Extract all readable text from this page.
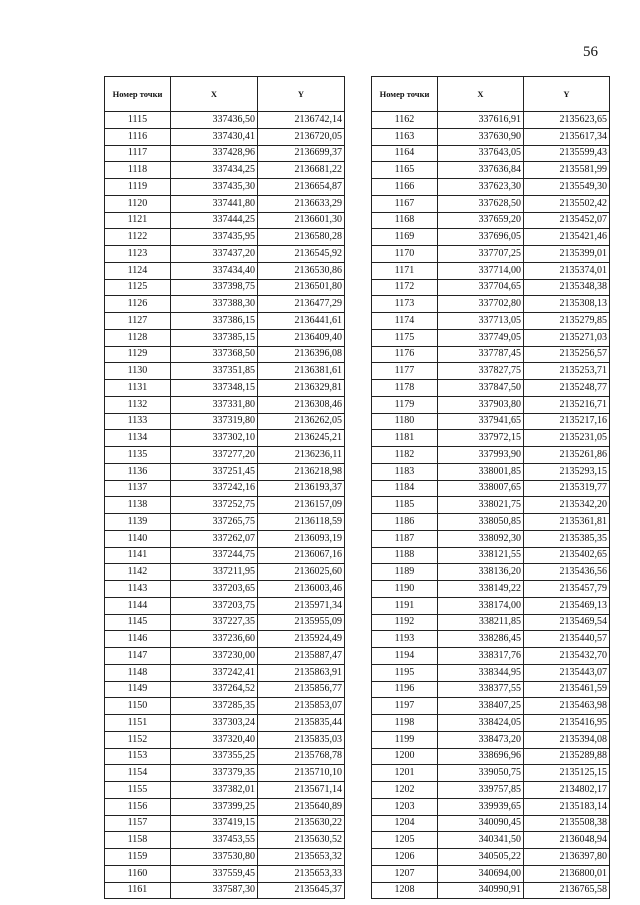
56
Номер точки	X	Y
1115	337436,50	2136742,14
1116	337430,41	2136720,05
1117	337428,96	2136699,37
1118	337434,25	2136681,22
1119	337435,30	2136654,87
1120	337441,80	2136633,29
1121	337444,25	2136601,30
1122	337435,95	2136580,28
1123	337437,20	2136545,92
1124	337434,40	2136530,86
1125	337398,75	2136501,80
1126	337388,30	2136477,29
1127	337386,15	2136441,61
1128	337385,15	2136409,40
1129	337368,50	2136396,08
1130	337351,85	2136381,61
1131	337348,15	2136329,81
1132	337331,80	2136308,46
1133	337319,80	2136262,05
1134	337302,10	2136245,21
1135	337277,20	2136236,11
1136	337251,45	2136218,98
1137	337242,16	2136193,37
1138	337252,75	2136157,09
1139	337265,75	2136118,59
1140	337262,07	2136093,19
1141	337244,75	2136067,16
1142	337211,95	2136025,60
1143	337203,65	2136003,46
1144	337203,75	2135971,34
1145	337227,35	2135955,09
1146	337236,60	2135924,49
1147	337230,00	2135887,47
1148	337242,41	2135863,91
1149	337264,52	2135856,77
1150	337285,35	2135853,07
1151	337303,24	2135835,44
1152	337320,40	2135835,03
1153	337355,25	2135768,78
1154	337379,35	2135710,10
1155	337382,01	2135671,14
1156	337399,25	2135640,89
1157	337419,15	2135630,22
1158	337453,55	2135630,52
1159	337530,80	2135653,32
1160	337559,45	2135653,33
1161	337587,30	2135645,37
Номер точки	X	Y
1162	337616,91	2135623,65
1163	337630,90	2135617,34
1164	337643,05	2135599,43
1165	337636,84	2135581,99
1166	337623,30	2135549,30
1167	337628,50	2135502,42
1168	337659,20	2135452,07
1169	337696,05	2135421,46
1170	337707,25	2135399,01
1171	337714,00	2135374,01
1172	337704,65	2135348,38
1173	337702,80	2135308,13
1174	337713,05	2135279,85
1175	337749,05	2135271,03
1176	337787,45	2135256,57
1177	337827,75	2135253,71
1178	337847,50	2135248,77
1179	337903,80	2135216,71
1180	337941,65	2135217,16
1181	337972,15	2135231,05
1182	337993,90	2135261,86
1183	338001,85	2135293,15
1184	338007,65	2135319,77
1185	338021,75	2135342,20
1186	338050,85	2135361,81
1187	338092,30	2135385,35
1188	338121,55	2135402,65
1189	338136,20	2135436,56
1190	338149,22	2135457,79
1191	338174,00	2135469,13
1192	338211,85	2135469,54
1193	338286,45	2135440,57
1194	338317,76	2135432,70
1195	338344,95	2135443,07
1196	338377,55	2135461,59
1197	338407,25	2135463,98
1198	338424,05	2135416,95
1199	338473,20	2135394,08
1200	338696,96	2135289,88
1201	339050,75	2135125,15
1202	339757,85	2134802,17
1203	339939,65	2135183,14
1204	340090,45	2135508,38
1205	340341,50	2136048,94
1206	340505,22	2136397,80
1207	340694,00	2136800,01
1208	340990,91	2136765,58
